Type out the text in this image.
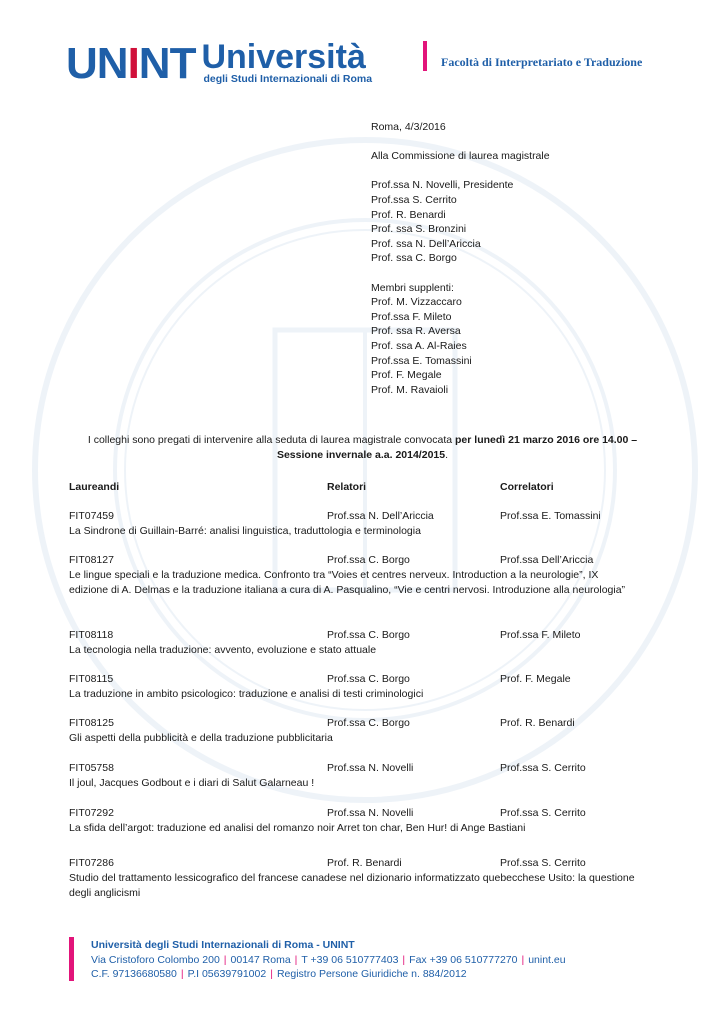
UNINT Università
degli Studi Internazionali di Roma
Facoltà di Interpretariato e Traduzione
Roma, 4/3/2016
Alla Commissione di laurea magistrale
Prof.ssa N. Novelli, Presidente
Prof.ssa S. Cerrito
Prof. R. Benardi
Prof. ssa S. Bronzini
Prof. ssa N. Dell’Ariccia
Prof. ssa C. Borgo
Membri supplenti:
Prof. M. Vizzaccaro
Prof.ssa F. Mileto
Prof. ssa R. Aversa
Prof. ssa A. Al-Raies
Prof.ssa E. Tomassini
Prof. F. Megale
Prof. M. Ravaioli
I colleghi sono pregati di intervenire alla seduta di laurea magistrale convocata per lunedì 21 marzo 2016 ore 14.00 –
Sessione invernale a.a. 2014/2015.
Laureandi	Relatori	Correlatori
FIT07459	Prof.ssa N. Dell’Ariccia	Prof.ssa E. Tomassini
La Sindrone di Guillain-Barré: analisi linguistica, traduttologia e terminologia
FIT08127	Prof.ssa C. Borgo	Prof.ssa Dell’Ariccia
Le lingue speciali e la traduzione medica. Confronto tra “Voies et centres nerveux. Introduction a la neurologie”, IX edizione di A. Delmas e la traduzione italiana a cura di A. Pasqualino, “Vie e centri nervosi. Introduzione alla neurologia”
FIT08118	Prof.ssa C. Borgo	Prof.ssa F. Mileto
La tecnologia nella traduzione: avvento, evoluzione e stato attuale
FIT08115	Prof.ssa C. Borgo	Prof. F. Megale
La traduzione in ambito psicologico: traduzione e analisi di testi criminologici
FIT08125	Prof.ssa C. Borgo	Prof. R. Benardi
Gli aspetti della pubblicità e della traduzione pubblicitaria
FIT05758	Prof.ssa N. Novelli	Prof.ssa S. Cerrito
Il joul, Jacques Godbout e i diari di Salut Galarneau !
FIT07292	Prof.ssa N. Novelli	Prof.ssa S. Cerrito
La sfida dell’argot: traduzione ed analisi del romanzo noir Arret ton char, Ben Hur! di Ange Bastiani
FIT07286	Prof. R. Benardi	Prof.ssa S. Cerrito
Studio del trattamento lessicografico del francese canadese nel dizionario informatizzato quebecchese Usito: la questione degli anglicismi
Università degli Studi Internazionali di Roma - UNINT
Via Cristoforo Colombo 200 | 00147 Roma | T +39 06 510777403 | Fax +39 06 510777270 | unint.eu
C.F. 97136680580 | P.I 05639791002 | Registro Persone Giuridiche n. 884/2012
